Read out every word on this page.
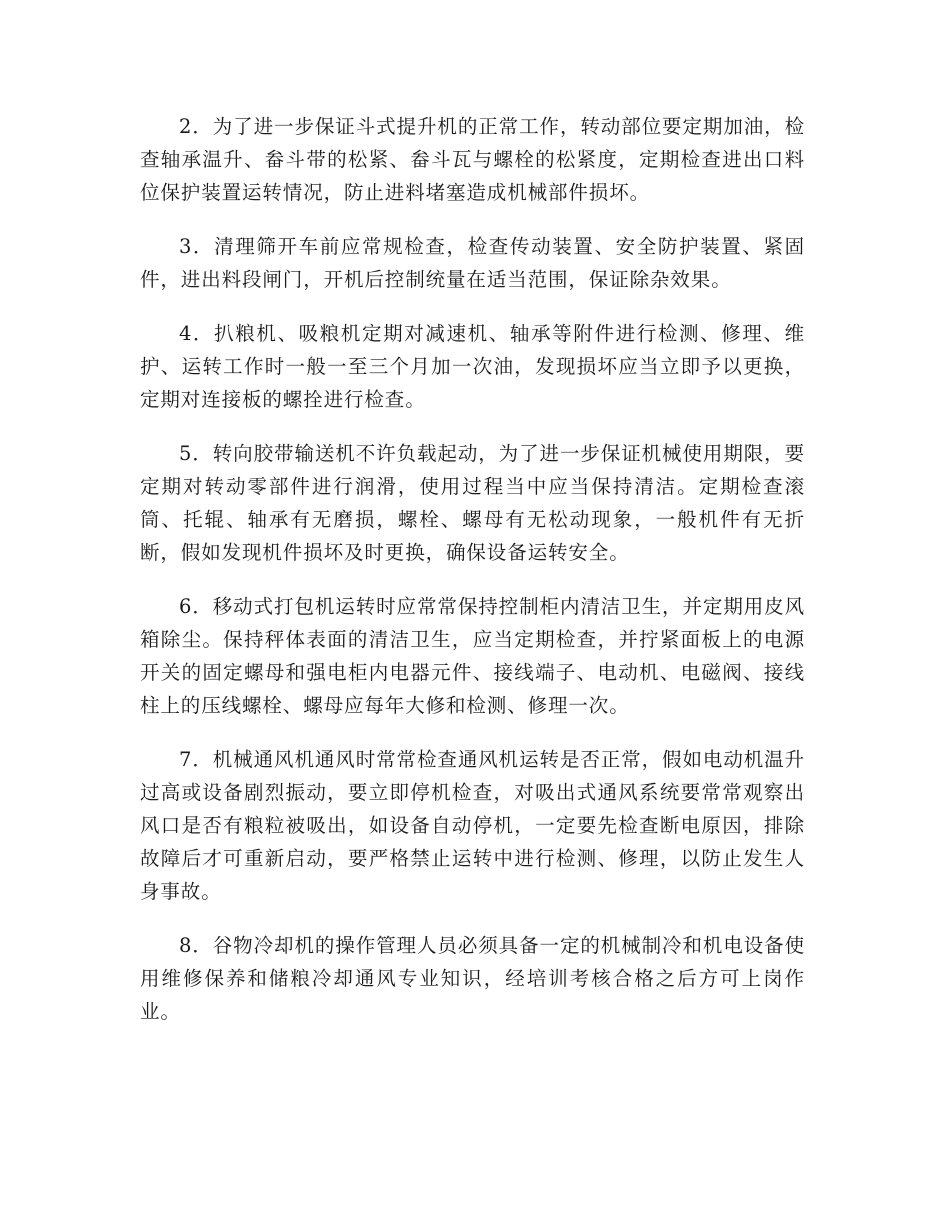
2．为了进一步保证斗式提升机的正常工作，转动部位要定期加油，检查轴承温升、畚斗带的松紧、畚斗瓦与螺栓的松紧度，定期检查进出口料位保护装置运转情况，防止进料堵塞造成机械部件损坏。

3．清理筛开车前应常规检查，检查传动装置、安全防护装置、紧固件，进出料段闸门，开机后控制统量在适当范围，保证除杂效果。

4．扒粮机、吸粮机定期对减速机、轴承等附件进行检测、修理、维护、运转工作时一般一至三个月加一次油，发现损坏应当立即予以更换，定期对连接板的螺拴进行检查。

5．转向胶带输送机不许负载起动，为了进一步保证机械使用期限，要定期对转动零部件进行润滑，使用过程当中应当保持清洁。定期检查滚筒、托辊、轴承有无磨损，螺栓、螺母有无松动现象，一般机件有无折断，假如发现机件损坏及时更换，确保设备运转安全。

6．移动式打包机运转时应常常保持控制柜内清洁卫生，并定期用皮风箱除尘。保持秤体表面的清洁卫生，应当定期检查，并拧紧面板上的电源开关的固定螺母和强电柜内电器元件、接线端子、电动机、电磁阀、接线柱上的压线螺栓、螺母应每年大修和检测、修理一次。

7．机械通风机通风时常常检查通风机运转是否正常，假如电动机温升过高或设备剧烈振动，要立即停机检查，对吸出式通风系统要常常观察出风口是否有粮粒被吸出，如设备自动停机，一定要先检查断电原因，排除故障后才可重新启动，要严格禁止运转中进行检测、修理，以防止发生人身事故。

8．谷物冷却机的操作管理人员必须具备一定的机械制冷和机电设备使用维修保养和储粮冷却通风专业知识，经培训考核合格之后方可上岗作业。
